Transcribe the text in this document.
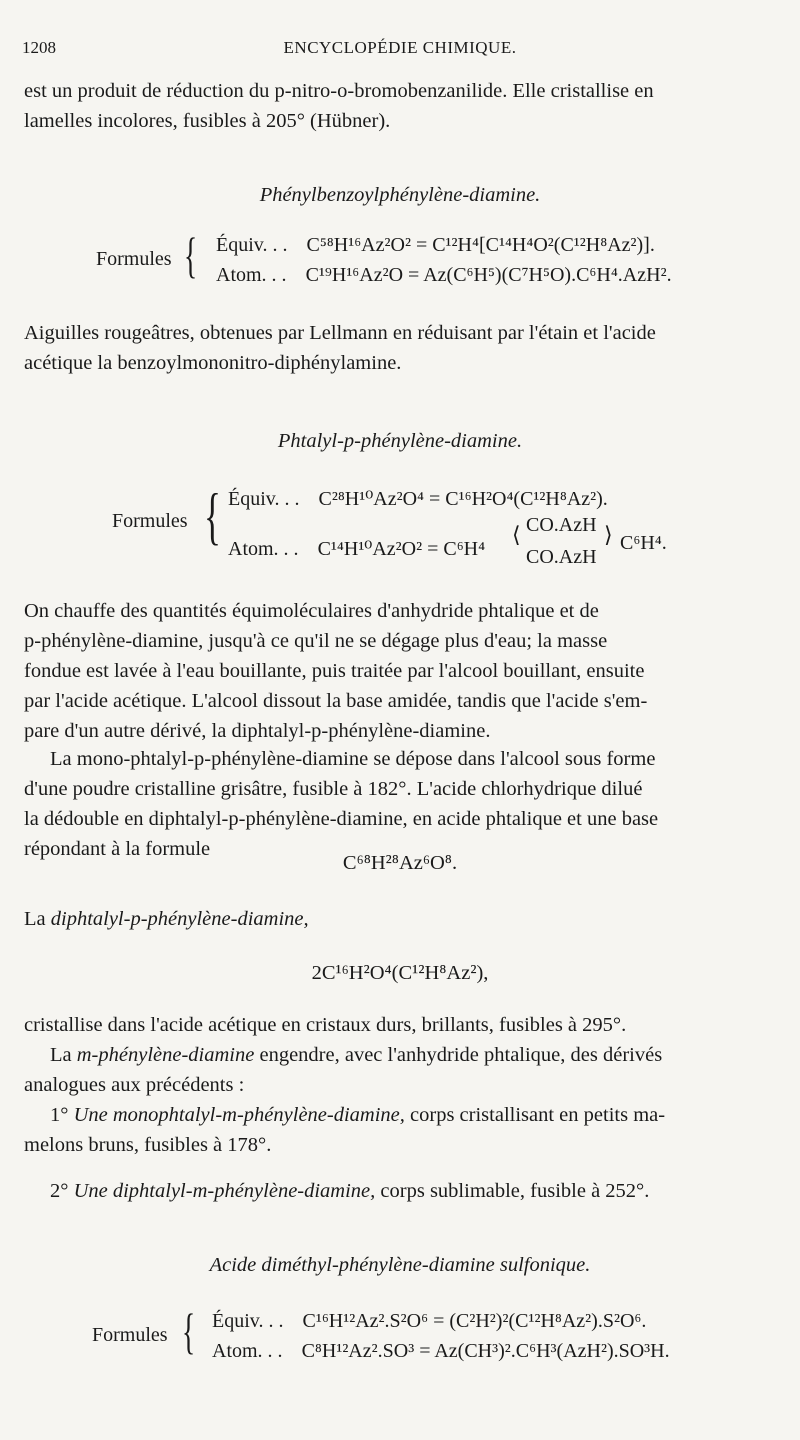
1208	ENCYCLOPÉDIE CHIMIQUE.
est un produit de réduction du p-nitro-o-bromobenzanilide. Elle cristallise en
lamelles incolores, fusibles à 205° (Hübner).
Phénylbenzoylphénylène-diamine.
Formules { Équiv. . . C⁵⁸H¹⁶Az²O² = C¹²H⁴[C¹⁴H⁴O²(C¹²H⁸Az²)].
Atom. . . C¹⁹H¹⁶Az²O = Az(C⁶H⁵)(C⁷H⁵O).C⁶H⁴.AzH².
Aiguilles rougeâtres, obtenues par Lellmann en réduisant par l'étain et l'acide
acétique la benzoylmononitro-diphénylamine.
Phtalyl-p-phénylène-diamine.
Formules { Équiv. . . C²⁸H¹⁰Az²O⁴ = C¹⁶H²O⁴(C¹²H⁸Az²).
Atom. . . C¹⁴H¹⁰Az²O² = C⁶H⁴
⟨ CO.AzH
CO.AzH
⟩ C⁶H⁴.
On chauffe des quantités équimoléculaires d'anhydride phtalique et de
p-phénylène-diamine, jusqu'à ce qu'il ne se dégage plus d'eau; la masse
fondue est lavée à l'eau bouillante, puis traitée par l'alcool bouillant, ensuite
par l'acide acétique. L'alcool dissout la base amidée, tandis que l'acide s'em-
pare d'un autre dérivé, la diphtalyl-p-phénylène-diamine.
La mono-phtalyl-p-phénylène-diamine se dépose dans l'alcool sous forme
d'une poudre cristalline grisâtre, fusible à 182°. L'acide chlorhydrique dilué
la dédouble en diphtalyl-p-phénylène-diamine, en acide phtalique et une base
répondant à la formule
C⁶⁸H²⁸Az⁶O⁸.
La diphtalyl-p-phénylène-diamine,
2C¹⁶H²O⁴(C¹²H⁸Az²),
cristallise dans l'acide acétique en cristaux durs, brillants, fusibles à 295°.
La m-phénylène-diamine engendre, avec l'anhydride phtalique, des dérivés
analogues aux précédents :
1° Une monophtalyl-m-phénylène-diamine, corps cristallisant en petits ma-
melons bruns, fusibles à 178°.
2° Une diphtalyl-m-phénylène-diamine, corps sublimable, fusible à 252°.
Acide diméthyl-phénylène-diamine sulfonique.
Formules { Équiv. . . C¹⁶H¹²Az².S²O⁶ = (C²H²)²(C¹²H⁸Az²).S²O⁶.
Atom. . . C⁸H¹²Az².SO³ = Az(CH³)².C⁶H³(AzH²).SO³H.
